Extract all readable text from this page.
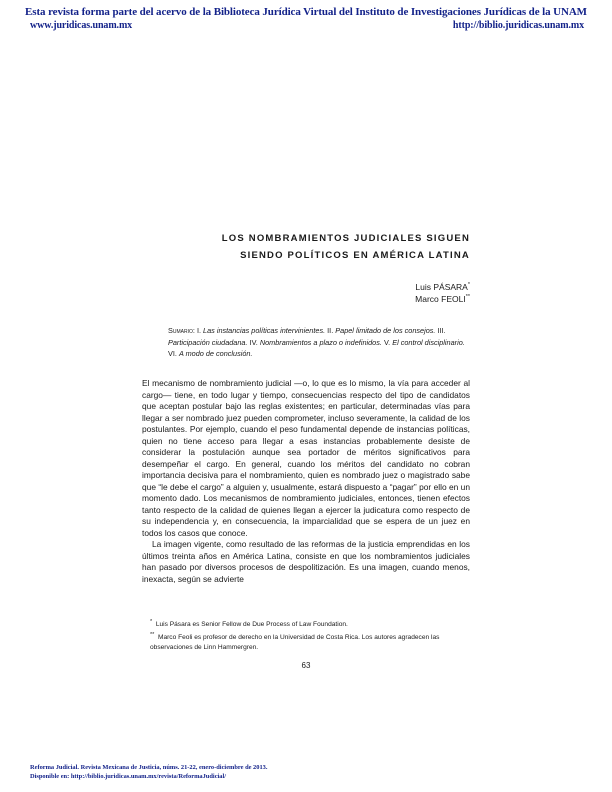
Esta revista forma parte del acervo de la Biblioteca Jurídica Virtual del Instituto de Investigaciones Jurídicas de la UNAM
www.juridicas.unam.mx	http://biblio.juridicas.unam.mx
LOS NOMBRAMIENTOS JUDICIALES SIGUEN
SIENDO POLÍTICOS EN AMÉRICA LATINA
Luis PÁSARA*
Marco FEOLI**
Sumario: I. Las instancias políticas intervinientes. II. Papel limitado de los consejos. III. Participación ciudadana. IV. Nombramientos a plazo o indefinidos. V. El control disciplinario. VI. A modo de conclusión.

El mecanismo de nombramiento judicial —o, lo que es lo mismo, la vía para acceder al cargo— tiene, en todo lugar y tiempo, consecuencias respecto del tipo de candidatos que aceptan postular bajo las reglas existentes; en particular, determinadas vías para llegar a ser nombrado juez pueden comprometer, incluso severamente, la calidad de los postulantes. Por ejemplo, cuando el peso fundamental depende de instancias políticas, quien no tiene acceso para llegar a esas instancias probablemente desiste de considerar la postulación aunque sea portador de méritos significativos para desempeñar el cargo. En general, cuando los méritos del candidato no cobran importancia decisiva para el nombramiento, quien es nombrado juez o magistrado sabe que “le debe el cargo” a alguien y, usualmente, estará dispuesto a “pagar” por ello en un momento dado. Los mecanismos de nombramiento judiciales, entonces, tienen efectos tanto respecto de la calidad de quienes llegan a ejercer la judicatura como respecto de su independencia y, en consecuencia, la imparcialidad que se espera de un juez en todos los casos que conoce.

La imagen vigente, como resultado de las reformas de la justicia emprendidas en los últimos treinta años en América Latina, consiste en que los nombramientos judiciales han pasado por diversos procesos de despolitización. Es una imagen, cuando menos, inexacta, según se advierte

* Luis Pásara es Senior Fellow de Due Process of Law Foundation.
** Marco Feoli es profesor de derecho en la Universidad de Costa Rica. Los autores agradecen las observaciones de Linn Hammergren.
63
Reforma Judicial. Revista Mexicana de Justicia, núms. 21-22, enero-diciembre de 2013.
Disponible en: http://biblio.juridicas.unam.mx/revista/ReformaJudicial/
